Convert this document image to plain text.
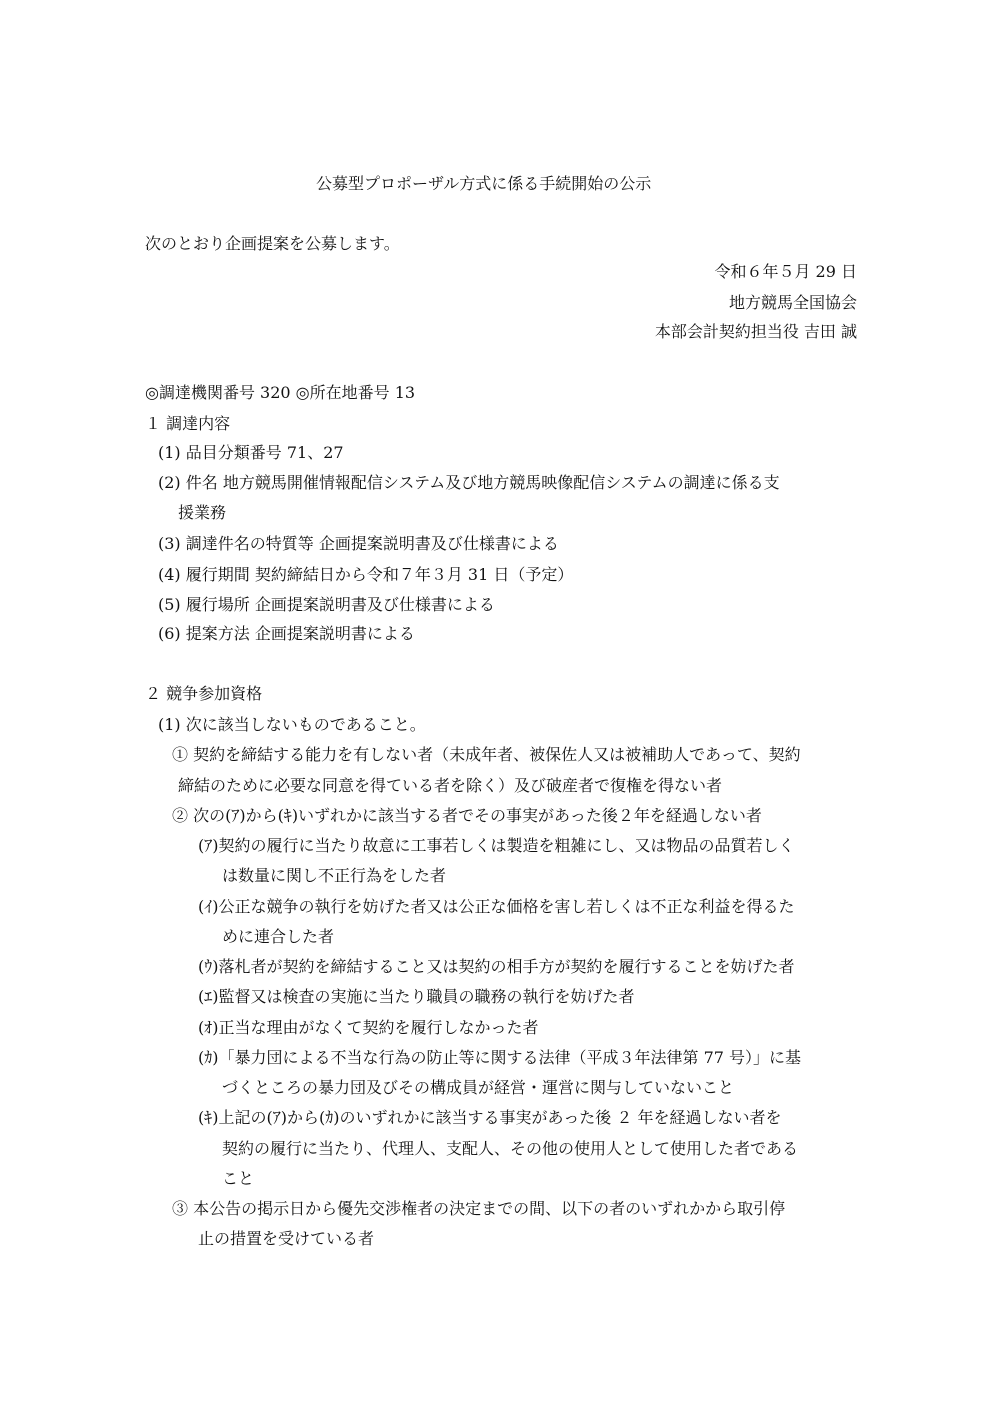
公募型プロポーザル方式に係る手続開始の公示
次のとおり企画提案を公募します。
令和６年５月 29 日
地方競馬全国協会
本部会計契約担当役 吉田 誠
◎調達機関番号 320 ◎所在地番号 13
１ 調達内容
(1) 品目分類番号 71、27
(2) 件名 地方競馬開催情報配信システム及び地方競馬映像配信システムの調達に係る支
援業務
(3) 調達件名の特質等 企画提案説明書及び仕様書による
(4) 履行期間 契約締結日から令和７年３月 31 日（予定）
(5) 履行場所 企画提案説明書及び仕様書による
(6) 提案方法 企画提案説明書による
２ 競争参加資格
(1) 次に該当しないものであること。
① 契約を締結する能力を有しない者（未成年者、被保佐人又は被補助人であって、契約
締結のために必要な同意を得ている者を除く）及び破産者で復権を得ない者
② 次の(ｱ)から(ｷ)いずれかに該当する者でその事実があった後２年を経過しない者
(ｱ)契約の履行に当たり故意に工事若しくは製造を粗雑にし、又は物品の品質若しく
は数量に関し不正行為をした者
(ｲ)公正な競争の執行を妨げた者又は公正な価格を害し若しくは不正な利益を得るた
めに連合した者
(ｳ)落札者が契約を締結すること又は契約の相手方が契約を履行することを妨げた者
(ｴ)監督又は検査の実施に当たり職員の職務の執行を妨げた者
(ｵ)正当な理由がなくて契約を履行しなかった者
(ｶ)「暴力団による不当な行為の防止等に関する法律（平成３年法律第 77 号）」に基
づくところの暴力団及びその構成員が経営・運営に関与していないこと
(ｷ)上記の(ｱ)から(ｶ)のいずれかに該当する事実があった後 ２ 年を経過しない者を
契約の履行に当たり、代理人、支配人、その他の使用人として使用した者である
こと
③ 本公告の掲示日から優先交渉権者の決定までの間、以下の者のいずれかから取引停
止の措置を受けている者
